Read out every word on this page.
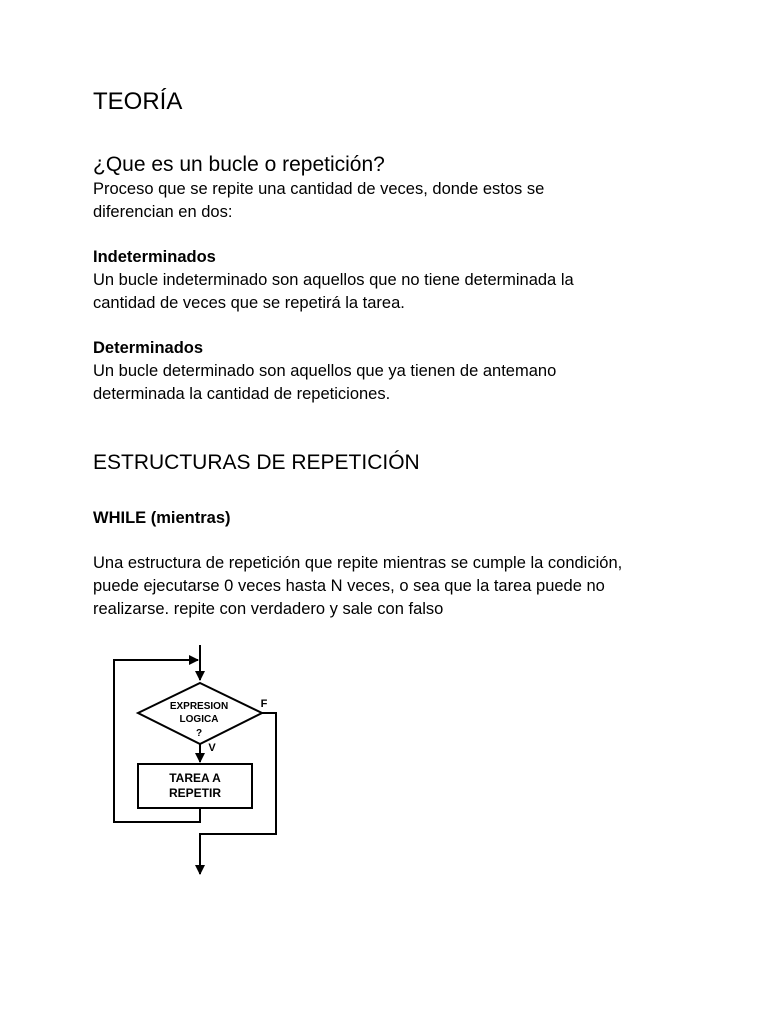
TEORÍA
¿Que es un bucle o repetición?
Proceso que se repite una cantidad de veces, donde estos se
diferencian en dos:
Indeterminados
Un bucle indeterminado son aquellos que no tiene determinada la
cantidad de veces que se repetirá la tarea.
Determinados
Un bucle determinado son aquellos que ya tienen de antemano
determinada la cantidad de repeticiones.
ESTRUCTURAS DE REPETICIÓN
WHILE (mientras)
Una estructura de repetición que repite mientras se cumple la condición,
puede ejecutarse 0 veces hasta N veces, o sea que la tarea puede no
realizarse. repite con verdadero y sale con falso
EXPRESION
LOGICA
?
TAREA A
REPETIR
F
V
